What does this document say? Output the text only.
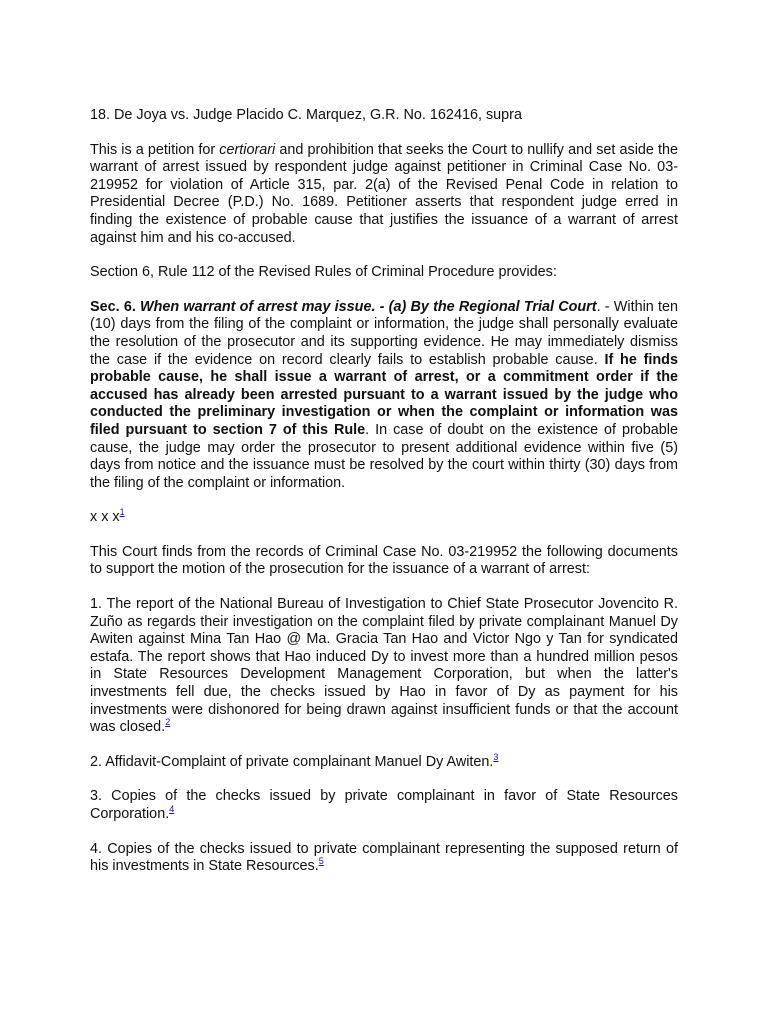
18. De Joya vs. Judge Placido C. Marquez, G.R. No. 162416, supra

This is a petition for certiorari and prohibition that seeks the Court to nullify and set aside the warrant of arrest issued by respondent judge against petitioner in Criminal Case No. 03-219952 for violation of Article 315, par. 2(a) of the Revised Penal Code in relation to Presidential Decree (P.D.) No. 1689. Petitioner asserts that respondent judge erred in finding the existence of probable cause that justifies the issuance of a warrant of arrest against him and his co-accused.

Section 6, Rule 112 of the Revised Rules of Criminal Procedure provides:

Sec. 6. When warrant of arrest may issue. - (a) By the Regional Trial Court. - Within ten (10) days from the filing of the complaint or information, the judge shall personally evaluate the resolution of the prosecutor and its supporting evidence. He may immediately dismiss the case if the evidence on record clearly fails to establish probable cause. If he finds probable cause, he shall issue a warrant of arrest, or a commitment order if the accused has already been arrested pursuant to a warrant issued by the judge who conducted the preliminary investigation or when the complaint or information was filed pursuant to section 7 of this Rule. In case of doubt on the existence of probable cause, the judge may order the prosecutor to present additional evidence within five (5) days from notice and the issuance must be resolved by the court within thirty (30) days from the filing of the complaint or information.

x x x$^1$

This Court finds from the records of Criminal Case No. 03-219952 the following documents to support the motion of the prosecution for the issuance of a warrant of arrest:

1. The report of the National Bureau of Investigation to Chief State Prosecutor Jovencito R. Zuño as regards their investigation on the complaint filed by private complainant Manuel Dy Awiten against Mina Tan Hao @ Ma. Gracia Tan Hao and Victor Ngo y Tan for syndicated estafa. The report shows that Hao induced Dy to invest more than a hundred million pesos in State Resources Development Management Corporation, but when the latter's investments fell due, the checks issued by Hao in favor of Dy as payment for his investments were dishonored for being drawn against insufficient funds or that the account was closed.$^2$

2. Affidavit-Complaint of private complainant Manuel Dy Awiten.$^3$

3. Copies of the checks issued by private complainant in favor of State Resources Corporation.$^4$

4. Copies of the checks issued to private complainant representing the supposed return of his investments in State Resources.$^5$
